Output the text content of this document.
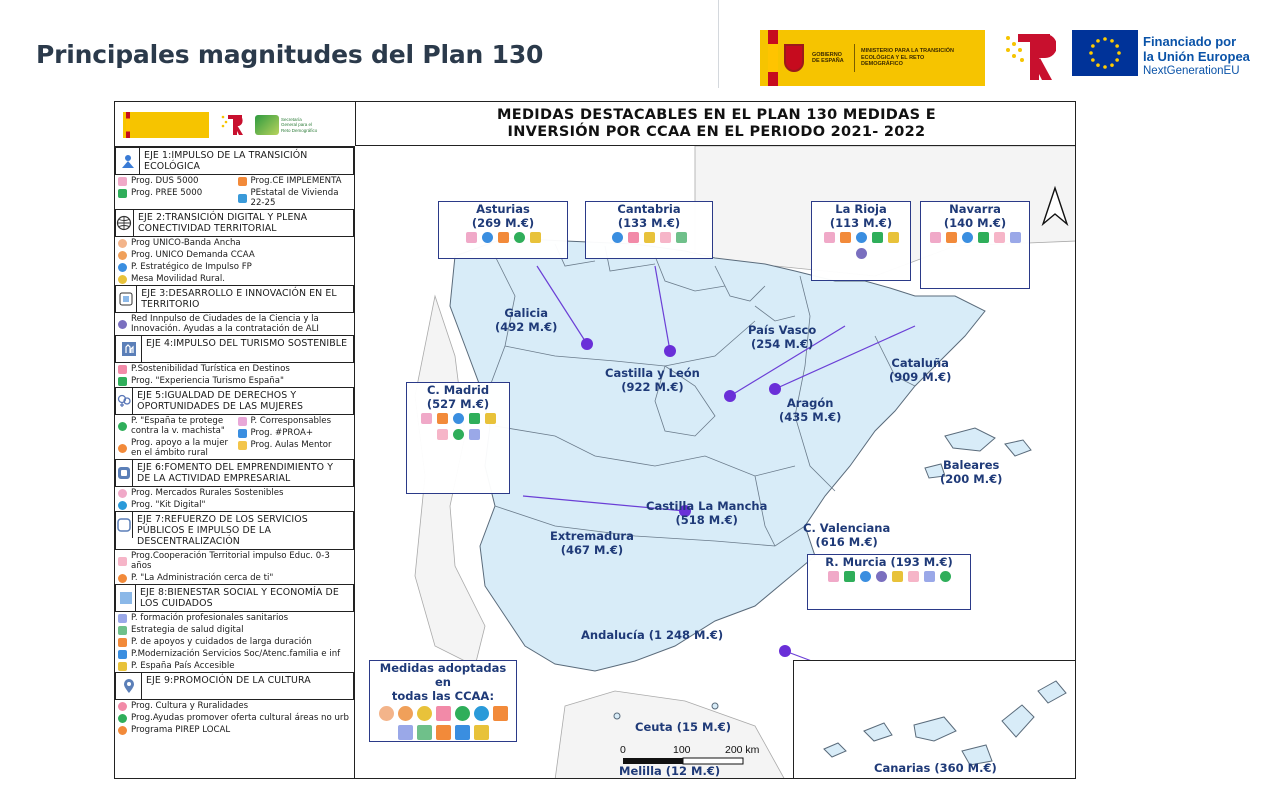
Principales magnitudes del Plan 130	GOBIERNO DE ESPAÑA
MINISTERIO PARA LA TRANSICIÓN ECOLÓGICA Y EL RETO DEMOGRÁFICO
Financiado por
la Unión Europea
NextGenerationEU
Secretaría General para el Reto Demográfico
MEDIDAS DESTACABLES EN EL PLAN 130 MEDIDAS E
INVERSIÓN POR CCAA EN EL PERIODO 2021- 2022
EJE 1:IMPULSO DE LA TRANSICIÓN ECOLÓGICA
Prog. DUS 5000
Prog. PREE 5000
Prog.CE IMPLEMENTA
PEstatal de Vivienda 22-25
EJE 2:TRANSICIÓN DIGITAL Y PLENA CONECTIVIDAD TERRITORIAL
Prog UNICO-Banda Ancha
Prog. UNICO Demanda CCAA
P. Estratégico de Impulso FP
Mesa Movilidad Rural.
EJE 3:DESARROLLO E INNOVACIÓN EN EL TERRITORIO
Red Innpulso de Ciudades de la Ciencia y la Innovación. Ayudas a la contratación de ALI
EJE 4:IMPULSO DEL TURISMO SOSTENIBLE
P.Sostenibilidad Turística en Destinos
Prog. "Experiencia Turismo España"
EJE 5:IGUALDAD DE DERECHOS Y OPORTUNIDADES DE LAS MUJERES
P. "España te protege contra la v. machista"
Prog. apoyo a la mujer en el ámbito rural
P. Corresponsables
Prog. #PROA+
Prog. Aulas Mentor
EJE 6:FOMENTO DEL EMPRENDIMIENTO Y DE LA ACTIVIDAD EMPRESARIAL
Prog. Mercados Rurales Sostenibles
Prog. "Kit Digital"
EJE 7:REFUERZO DE LOS SERVICIOS PÚBLICOS E IMPULSO DE LA DESCENTRALIZACIÓN
Prog.Cooperación Territorial impulso Educ. 0-3 años
P. "La Administración cerca de ti"
EJE 8:BIENESTAR SOCIAL Y ECONOMÍA DE LOS CUIDADOS
P. formación profesionales sanitarios
Estrategia de salud digital
P. de apoyos y cuidados de larga duración
P.Modernización Servicios Soc/Atenc.familia e inf
P. España País Accesible
EJE 9:PROMOCIÓN DE LA CULTURA
Prog. Cultura y Ruralidades
Prog.Ayudas promover oferta cultural áreas no urb
Programa PIREP LOCAL
Galicia
(492 M.€)
Castilla y León
(922 M.€)
País Vasco
(254 M.€)
Aragón
(435 M.€)
Cataluña
(909 M.€)
Baleares
(200 M.€)
Castilla La Mancha
(518 M.€)
Extremadura
(467 M.€)
C. Valenciana
(616 M.€)
Andalucía (1 248 M.€)
Ceuta (15 M.€)
Melilla (12 M.€)
Asturias
(269 M.€)
Cantabria
(133 M.€)
La Rioja
(113 M.€)
Navarra
(140 M.€)
C. Madrid
(527 M.€)
R. Murcia (193 M.€)
Medidas adoptadas en
todas las CCAA:
Canarias (360 M.€)
0	100	200 km
